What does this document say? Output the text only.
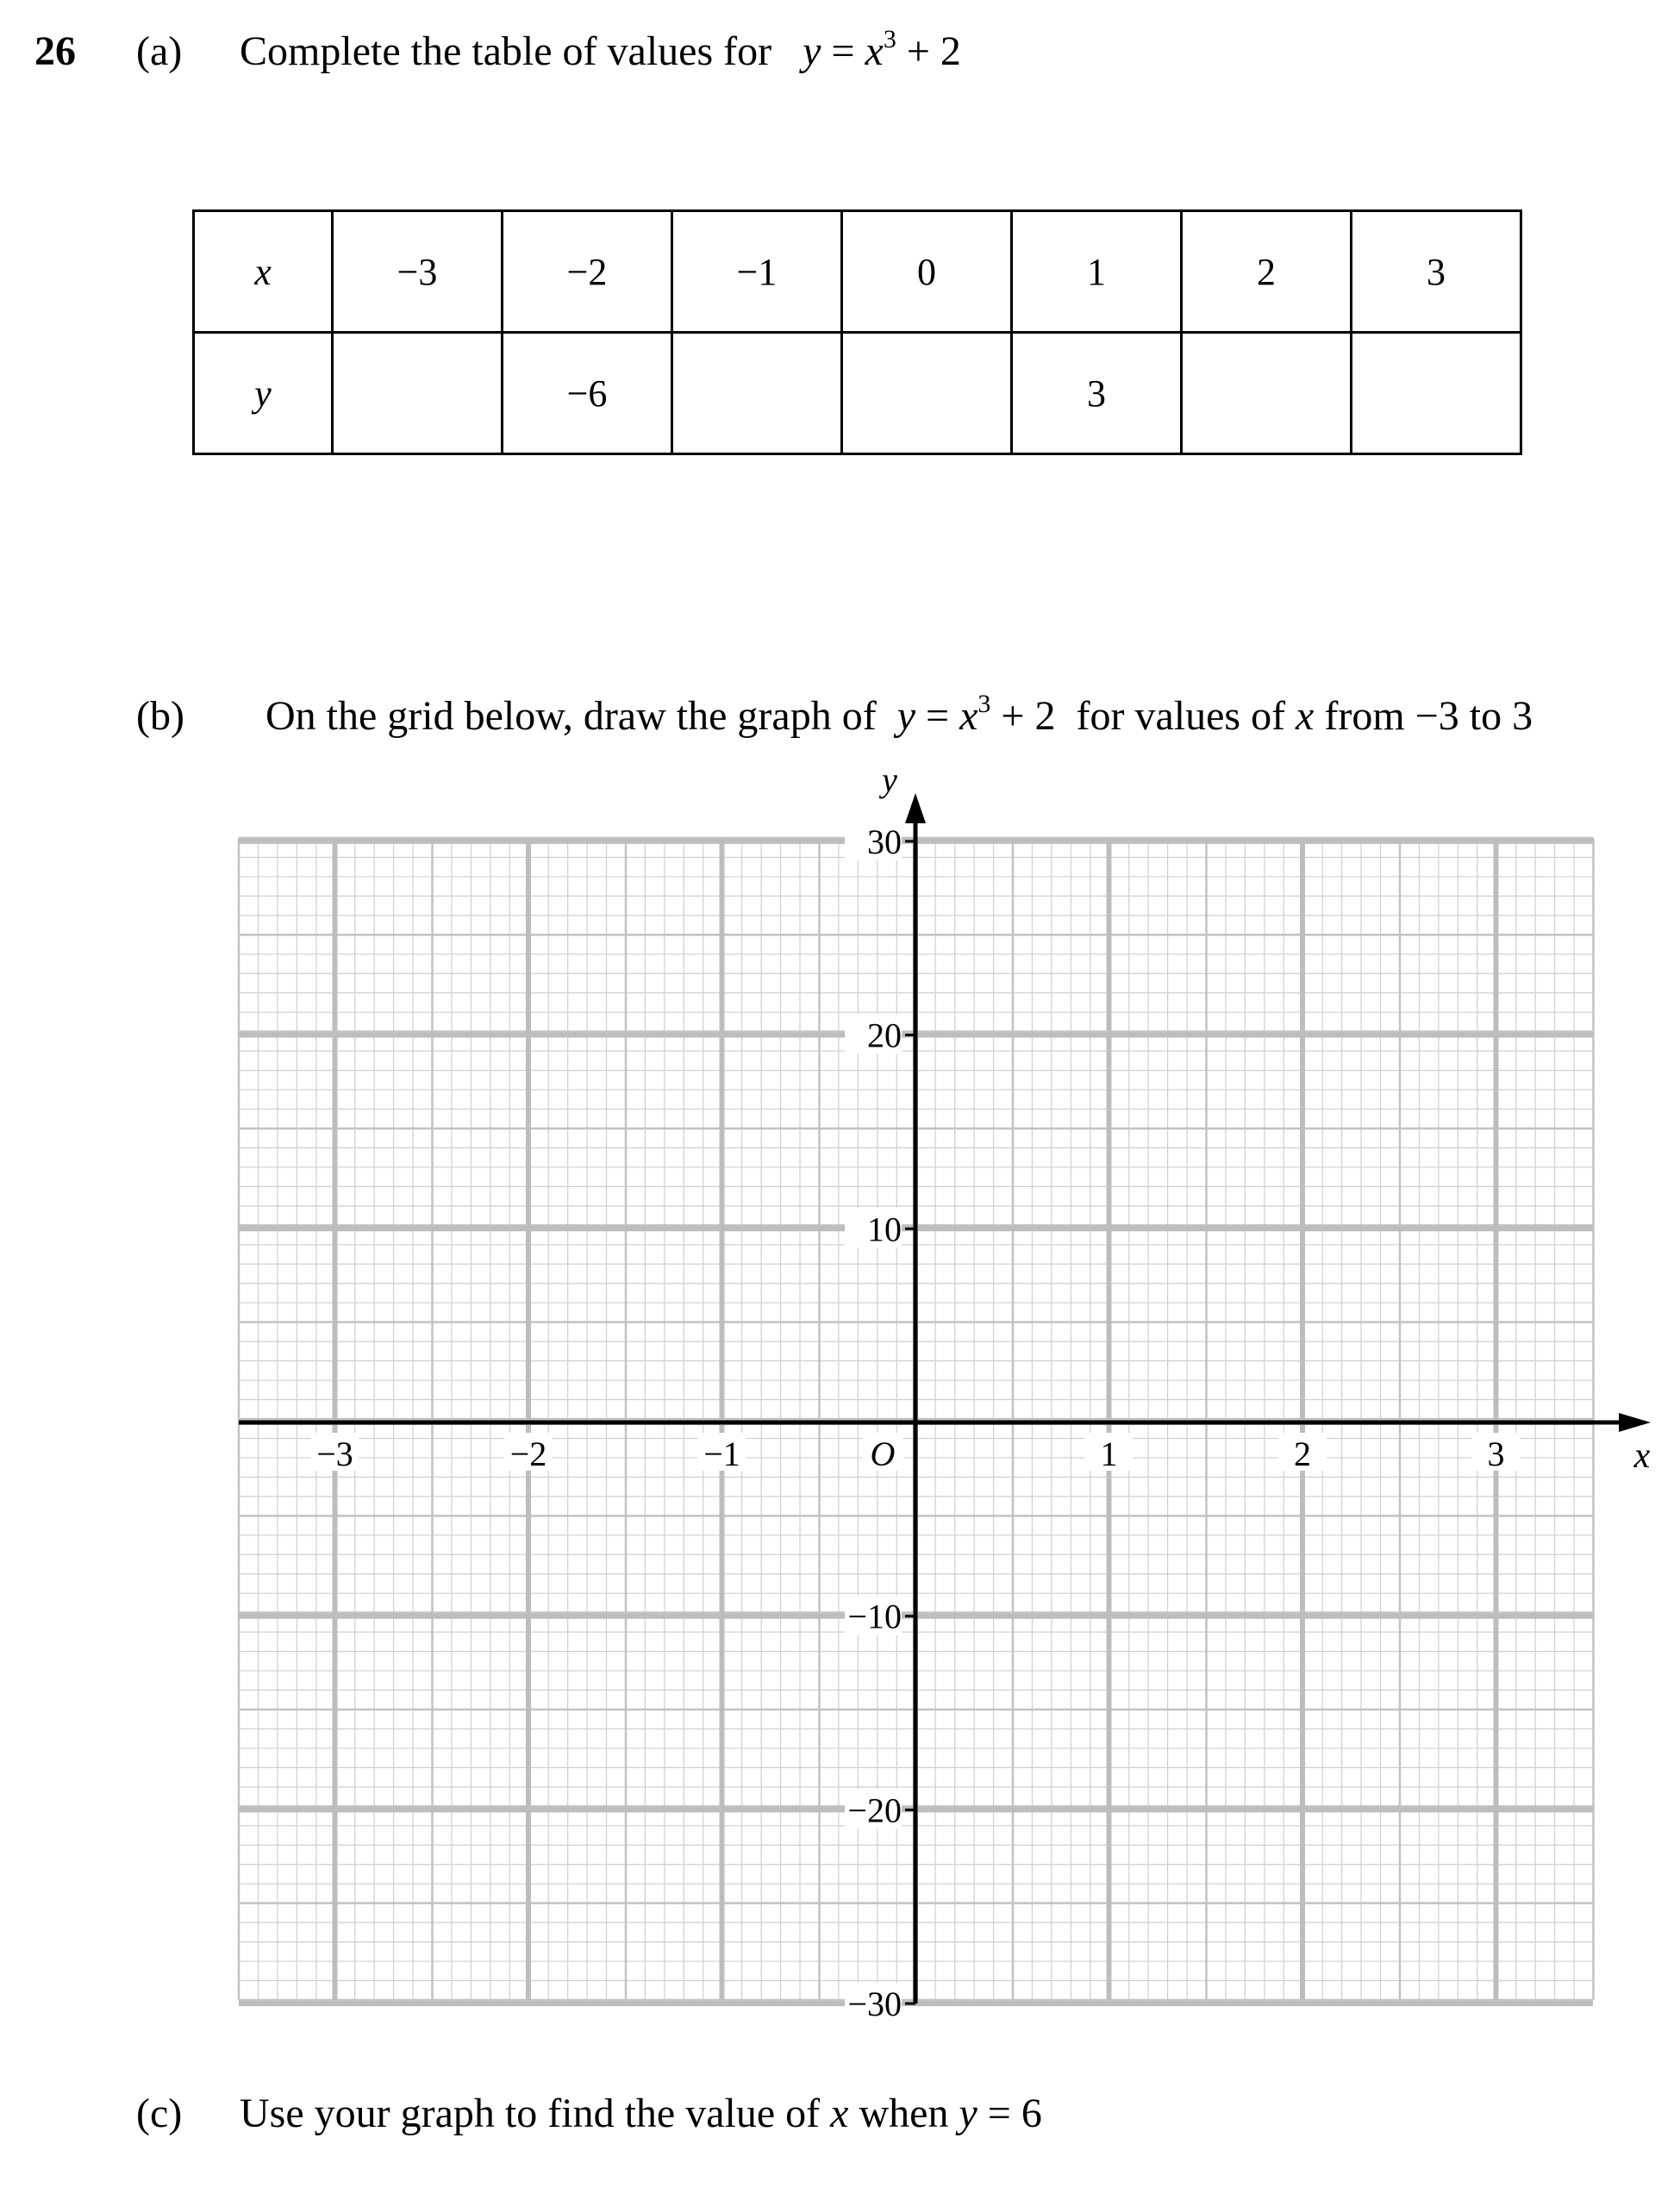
26 (a) Complete the table of values for $y = x^3 + 2$
x	−3	−2	−1	0	1	2	3
y		−6			3		
(b) On the grid below, draw the graph of $y = x^3 + 2$ for values of x from −3 to 3
−3	−2	−1	1	2	3
30
20
10
−10
−20
−30
O	x
y
(c) Use your graph to find the value of x when y = 6
